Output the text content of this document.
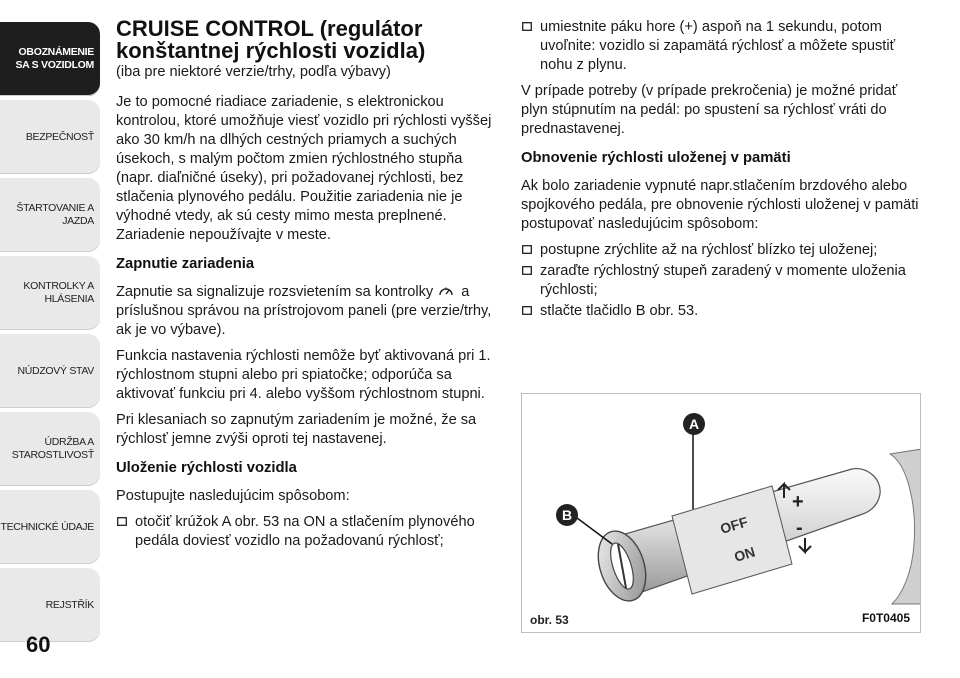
OBOZNÁMENIE
SA S VOZIDLOM
BEZPEČNOSŤ
ŠTARTOVANIE A
JAZDA
KONTROLKY A
HLÁSENIA
NÚDZOVÝ STAV
ÚDRŽBA A
STAROSTLIVOSŤ
TECHNICKÉ ÚDAJE
REJSTŘÍK
60
CRUISE CONTROL (regulátor konštantnej rýchlosti vozidla)

(iba pre niektoré verzie/trhy, podľa výbavy)

Je to pomocné riadiace zariadenie, s elektronickou kontrolou, ktoré umožňuje viesť vozidlo pri rýchlosti vyššej ako 30 km/h na dlhých cestných priamych a suchých úsekoch, s malým počtom zmien rýchlostného stupňa (napr. diaľničné úseky), pri požadovanej rýchlosti, bez stlačenia plynového pedálu. Použitie zariadenia nie je výhodné vtedy, ak sú cesty mimo mesta preplnené. Zariadenie nepoužívajte v meste.

Zapnutie zariadenia

Zapnutie sa signalizuje rozsvietením sa kontrolky a príslušnou správou na prístrojovom paneli (pre verzie/trhy, ak je vo výbave).

Funkcia nastavenia rýchlosti nemôže byť aktivovaná pri 1. rýchlostnom stupni alebo pri spiatočke; odporúča sa aktivovať funkciu pri 4. alebo vyššom rýchlostnom stupni.

Pri klesaniach so zapnutým zariadením je možné, že sa rýchlosť jemne zvýši oproti tej nastavenej.

Uloženie rýchlosti vozidla

Postupujte nasledujúcim spôsobom:

otočiť krúžok A obr. 53 na ON a stlačením plynového pedála doviesť vozidlo na požadovanú rýchlosť;
umiestnite páku hore (+) aspoň na 1 sekundu, potom uvoľnite: vozidlo si zapamätá rýchlosť a môžete spustiť nohu z plynu.

V prípade potreby (v prípade prekročenia) je možné pridať plyn stúpnutím na pedál: po spustení sa rýchlosť vráti do prednastavenej.

Obnovenie rýchlosti uloženej v pamäti

Ak bolo zariadenie vypnuté napr.stlačením brzdového alebo spojkového pedála, pre obnovenie rýchlosti uloženej v pamäti postupovať nasledujúcim spôsobom:

postupne zrýchlite až na rýchlosť blízko tej uloženej;
zaraďte rýchlostný stupeň zaradený v momente uloženia rýchlosti;
stlačte tlačidlo B obr. 53.
OFF
ON
+
-
A
B
obr. 53	F0T0405
